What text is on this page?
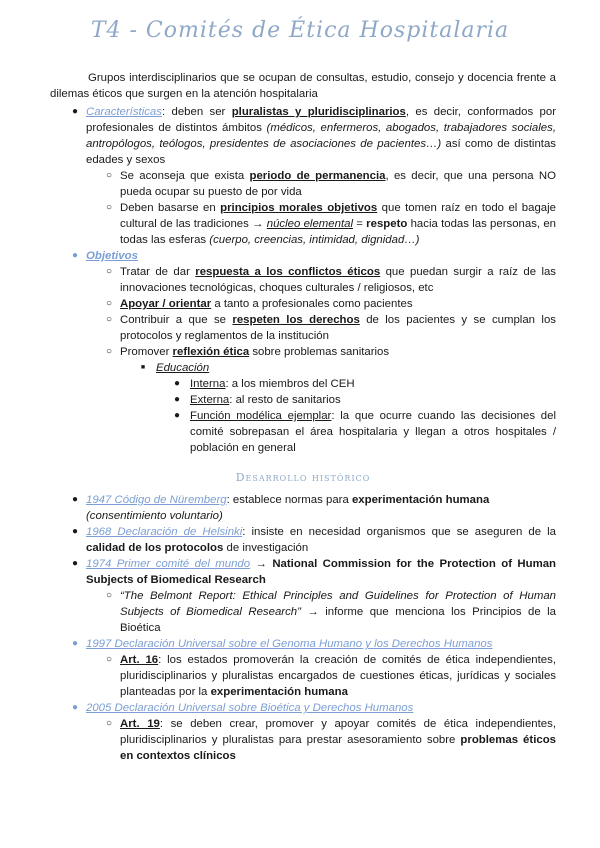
T4 - Comités de Ética Hospitalaria

Grupos interdisciplinarios que se ocupan de consultas, estudio, consejo y docencia frente a dilemas éticos que surgen en la atención hospitalaria

● Características: deben ser pluralistas y pluridisciplinarios, es decir, conformados por profesionales de distintos ámbitos (médicos, enfermeros, abogados, trabajadores sociales, antropólogos, teólogos, presidentes de asociaciones de pacientes…) así como de distintas edades y sexos
○ Se aconseja que exista periodo de permanencia, es decir, que una persona NO pueda ocupar su puesto de por vida
○ Deben basarse en principios morales objetivos que tomen raíz en todo el bagaje cultural de las tradiciones → núcleo elemental = respeto hacia todas las personas, en todas las esferas (cuerpo, creencias, intimidad, dignidad…)
● Objetivos
○ Tratar de dar respuesta a los conflictos éticos que puedan surgir a raíz de las innovaciones tecnológicas, choques culturales / religiosos, etc
○ Apoyar / orientar a tanto a profesionales como pacientes
○ Contribuir a que se respeten los derechos de los pacientes y se cumplan los protocolos y reglamentos de la institución
○ Promover reflexión ética sobre problemas sanitarios
■ Educación
● Interna: a los miembros del CEH
● Externa: al resto de sanitarios
● Función modélica ejemplar: la que ocurre cuando las decisiones del comité sobrepasan el área hospitalaria y llegan a otros hospitales / población en general
Desarrollo histórico
● 1947 Código de Nüremberg: establece normas para experimentación humana
(consentimiento voluntario)
● 1968 Declaración de Helsinki: insiste en necesidad organismos que se aseguren de la calidad de los protocolos de investigación
● 1974 Primer comité del mundo → National Commission for the Protection of Human Subjects of Biomedical Research
○ “The Belmont Report: Ethical Principles and Guidelines for Protection of Human Subjects of Biomedical Research” → informe que menciona los Principios de la Bioética
● 1997 Declaración Universal sobre el Genoma Humano y los Derechos Humanos
○ Art. 16: los estados promoverán la creación de comités de ética independientes, pluridisciplinarios y pluralistas encargados de cuestiones éticas, jurídicas y sociales planteadas por la experimentación humana
● 2005 Declaración Universal sobre Bioética y Derechos Humanos
○ Art. 19: se deben crear, promover y apoyar comités de ética independientes, pluridisciplinarios y pluralistas para prestar asesoramiento sobre problemas éticos en contextos clínicos
